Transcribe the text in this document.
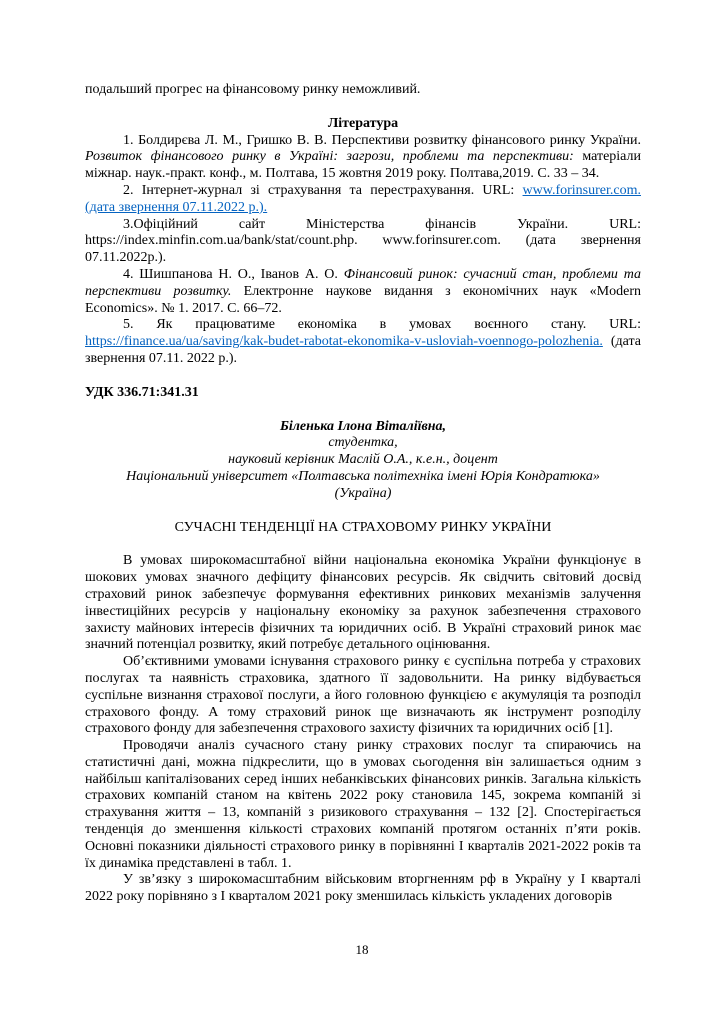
подальший прогрес на фінансовому ринку неможливий.

Література

1. Болдирєва Л. М., Гришко В. В. Перспективи розвитку фінансового ринку України. Розвиток фінансового ринку в Україні: загрози, проблеми та перспективи: матеріали міжнар. наук.-практ. конф., м. Полтава, 15 жовтня 2019 року. Полтава,2019. С. 33 – 34.

2. Інтернет-журнал зі страхування та перестрахування. URL: www.forinsurer.com. (дата звернення 07.11.2022 р.).

3.Офіційний сайт Міністерства фінансів України. URL: https://index.minfin.com.ua/bank/stat/count.php. www.forinsurer.com. (дата звернення 07.11.2022р.).

4. Шишпанова Н. О., Іванов А. О. Фінансовий ринок: сучасний стан, проблеми та перспективи розвитку. Електронне наукове видання з економічних наук «Modern Economics». № 1. 2017. С. 66–72.

5. Як працюватиме економіка в умовах воєнного стану. URL: https://finance.ua/ua/saving/kak-budet-rabotat-ekonomika-v-usloviah-voennogo-polozhenia. (дата звернення 07.11. 2022 р.).

УДК 336.71:341.31

Біленька Ілона Віталіївна,

студентка,

науковий керівник Маслій О.А., к.е.н., доцент

Національний університет «Полтавська політехніка імені Юрія Кондратюка»

(Україна)

СУЧАСНІ ТЕНДЕНЦІЇ НА СТРАХОВОМУ РИНКУ УКРАЇНИ

В умовах широкомасштабної війни національна економіка України функціонує в шокових умовах значного дефіциту фінансових ресурсів. Як свідчить світовий досвід страховий ринок забезпечує формування ефективних ринкових механізмів залучення інвестиційних ресурсів у національну економіку за рахунок забезпечення страхового захисту майнових інтересів фізичних та юридичних осіб. В Україні страховий ринок має значний потенціал розвитку, який потребує детального оцінювання.

Об’єктивними умовами існування страхового ринку є суспільна потреба у страхових послугах та наявність страховика, здатного її задовольнити. На ринку відбувається суспільне визнання страхової послуги, а його головною функцією є акумуляція та розподіл страхового фонду. А тому страховий ринок ще визначають як інструмент розподілу страхового фонду для забезпечення страхового захисту фізичних та юридичних осіб [1].

Проводячи аналіз сучасного стану ринку страхових послуг та спираючись на статистичні дані, можна підкреслити, що в умовах сьогодення він залишається одним з найбільш капіталізованих серед інших небанківських фінансових ринків. Загальна кількість страхових компаній станом на квітень 2022 року становила 145, зокрема компаній зі страхування життя – 13, компаній з ризикового страхування – 132 [2]. Спостерігається тенденція до зменшення кількості страхових компаній протягом останніх п’яти років. Основні показники діяльності страхового ринку в порівнянні І кварталів 2021-2022 років та їх динаміка представлені в табл. 1.

У зв’язку з широкомасштабним військовим вторгненням рф в Україну у І кварталі 2022 року порівняно з І кварталом 2021 року зменшилась кількість укладених договорів

18
